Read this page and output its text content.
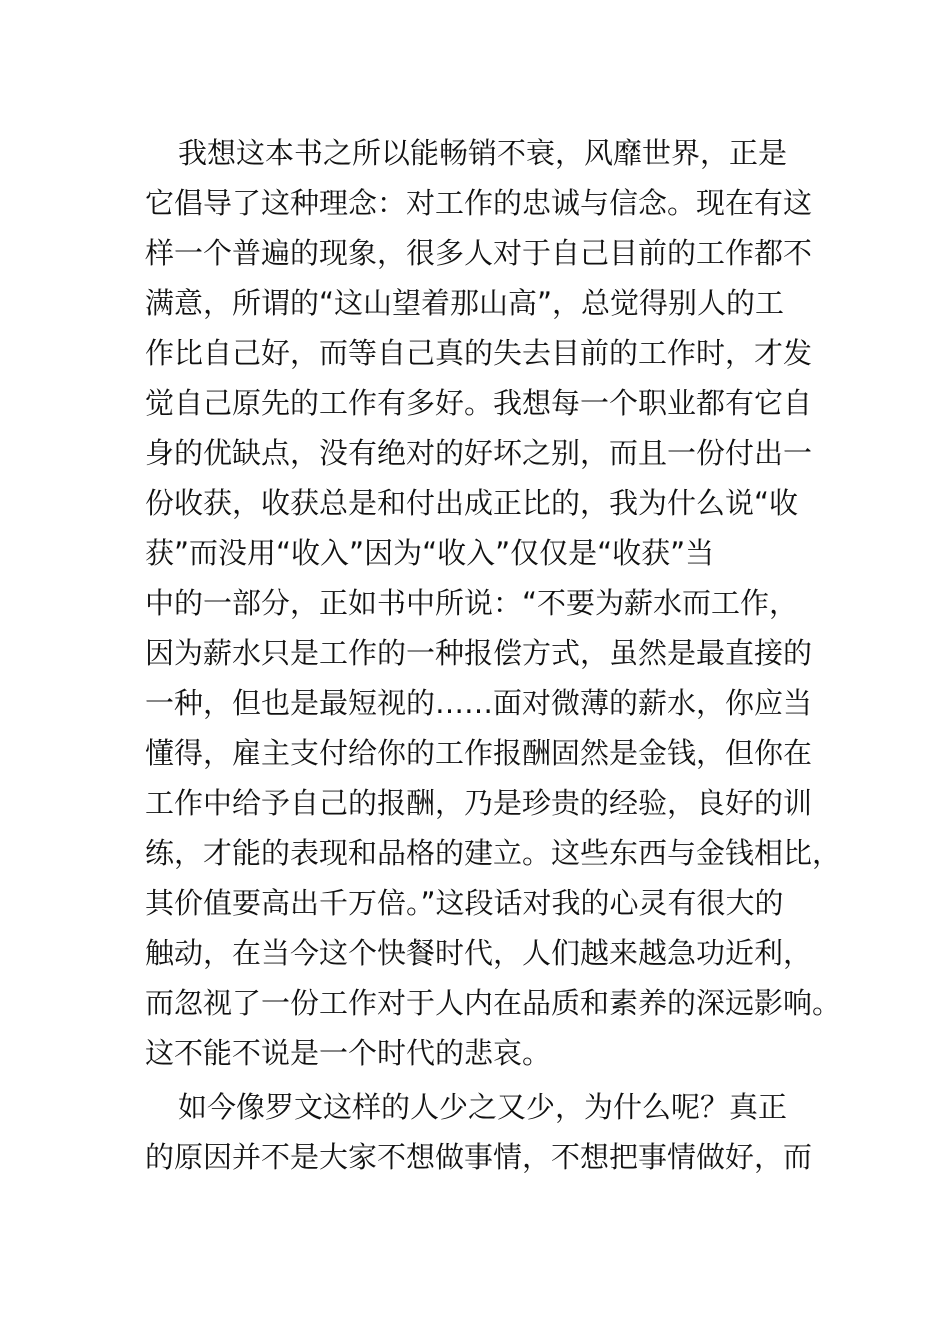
我想这本书之所以能畅销不衰，风靡世界，正是
它倡导了这种理念：对工作的忠诚与信念。现在有这
样一个普遍的现象，很多人对于自己目前的工作都不
满意，所谓的“这山望着那山高”，总觉得别人的工
作比自己好，而等自己真的失去目前的工作时，才发
觉自己原先的工作有多好。我想每一个职业都有它自
身的优缺点，没有绝对的好坏之别，而且一份付出一
份收获，收获总是和付出成正比的，我为什么说“收
获”而没用“收入”因为“收入”仅仅是“收获”当
中的一部分，正如书中所说：“不要为薪水而工作，
因为薪水只是工作的一种报偿方式，虽然是最直接的
一种，但也是最短视的……面对微薄的薪水，你应当
懂得，雇主支付给你的工作报酬固然是金钱，但你在
工作中给予自己的报酬，乃是珍贵的经验，良好的训
练，才能的表现和品格的建立。这些东西与金钱相比，
其价值要高出千万倍。”这段话对我的心灵有很大的
触动，在当今这个快餐时代，人们越来越急功近利，
而忽视了一份工作对于人内在品质和素养的深远影响。
这不能不说是一个时代的悲哀。
如今像罗文这样的人少之又少，为什么呢？真正
的原因并不是大家不想做事情，不想把事情做好，而
